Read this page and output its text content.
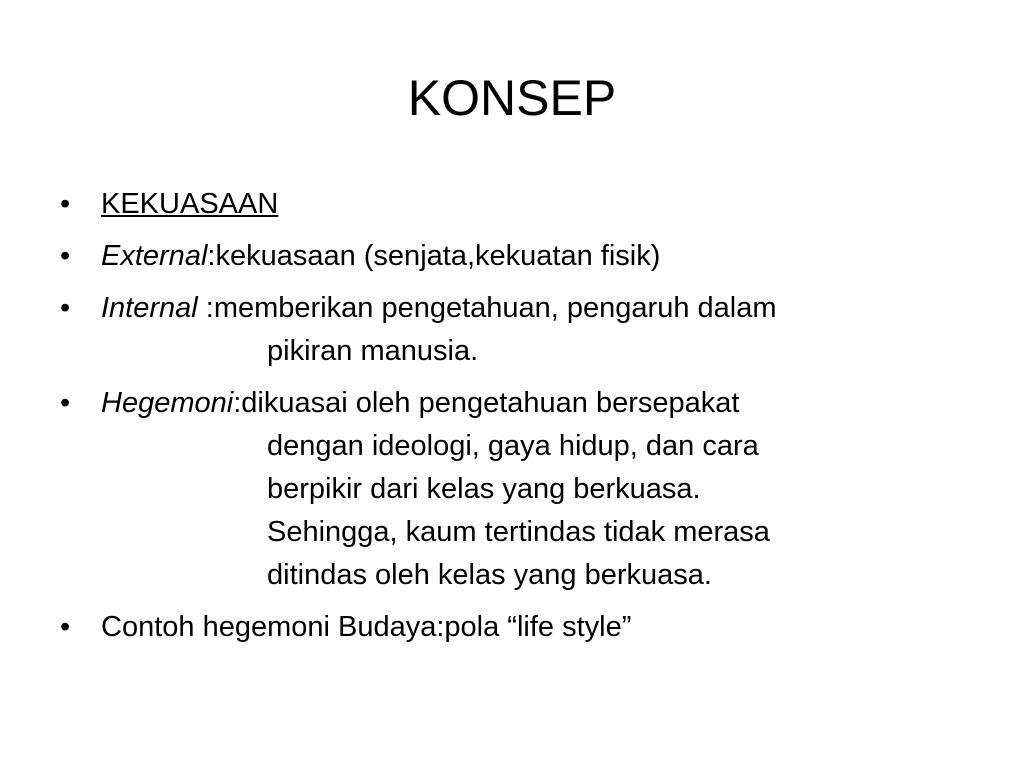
KONSEP
•	KEKUASAAN
•	External:kekuasaan (senjata,kekuatan fisik)
•	Internal :memberikan pengetahuan, pengaruh dalam
pikiran manusia.
•	Hegemoni:dikuasai oleh pengetahuan bersepakat
dengan ideologi, gaya hidup, dan cara
berpikir dari kelas yang berkuasa.
Sehingga, kaum tertindas tidak merasa
ditindas oleh kelas yang berkuasa.
•	Contoh hegemoni Budaya:pola “life style”
